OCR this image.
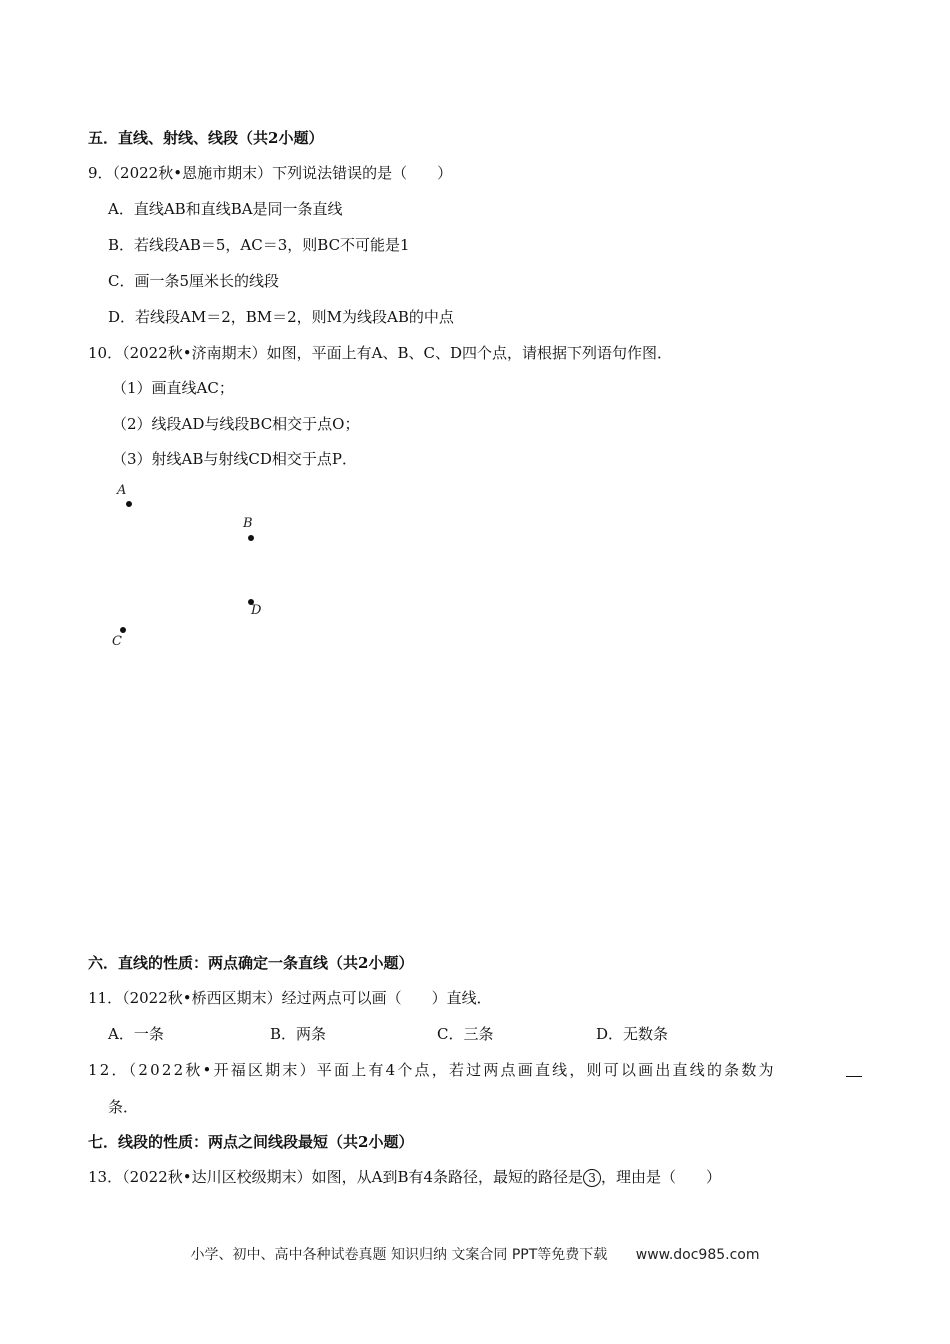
五．直线、射线、线段（共2小题）
9．（2022秋•恩施市期末）下列说法错误的是（　　）
A．直线AB和直线BA是同一条直线
B．若线段AB＝5，AC＝3，则BC不可能是1
C．画一条5厘米长的线段
D．若线段AM＝2，BM＝2，则M为线段AB的中点
10．（2022秋•济南期末）如图，平面上有A、B、C、D四个点，请根据下列语句作图．
（1）画直线AC；
（2）线段AD与线段BC相交于点O；
（3）射线AB与射线CD相交于点P．
A
B
D
C
六．直线的性质：两点确定一条直线（共2小题）
11．（2022秋•桥西区期末）经过两点可以画（　　）直线．
A．一条	B．两条	C．三条	D．无数条
12．（2022秋•开福区期末）平面上有4个点，若过两点画直线，则可以画出直线的条数为
条．
七．线段的性质：两点之间线段最短（共2小题）
13．（2022秋•达川区校级期末）如图，从A到B有4条路径，最短的路径是 3 ，理由是（　　）
小学、初中、高中各种试卷真题 知识归纳 文案合同 PPT等免费下载 www.doc985.com
